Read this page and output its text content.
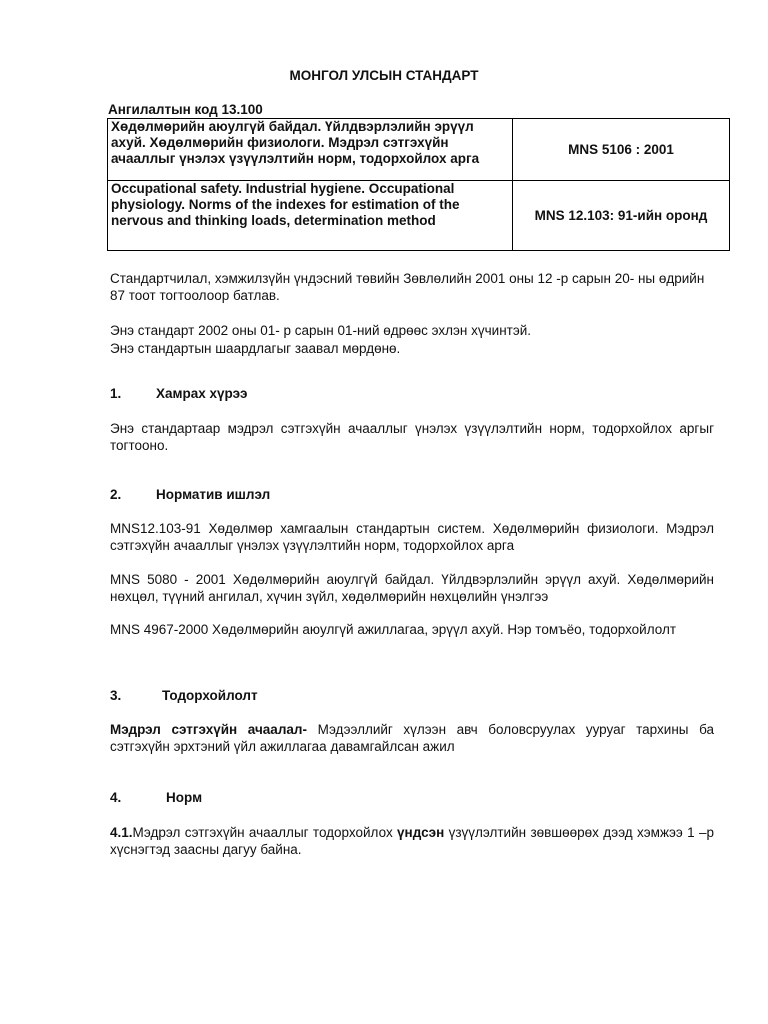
МОНГОЛ УЛСЫН СТАНДАРТ
Ангилалтын код 13.100
Хөдөлмөрийн аюулгүй байдал. Үйлдвэрлэлийн эрүүл ахуй. Хөдөлмөрийн физиологи. Мэдрэл сэтгэхүйн ачааллыг үнэлэх үзүүлэлтийн норм, тодорхойлох арга	MNS 5106 : 2001
Occupational safety. Industrial hygiene. Occupational physiology. Norms of the indexes for estimation of the nervous and thinking loads, determination method	MNS 12.103: 91-ийн оронд
Стандартчилал, хэмжилзүйн үндэсний төвийн Зөвлөлийн 2001 оны 12 -р сарын 20- ны өдрийн 87 тоот тогтоолоор батлав.
Энэ стандарт 2002 оны 01- р сарын 01-ний өдрөөс эхлэн хүчинтэй.
Энэ стандартын шаардлагыг заавал мөрдөнө.
1.	Хамрах хүрээ
Энэ стандартаар мэдрэл сэтгэхүйн ачааллыг үнэлэх үзүүлэлтийн норм, тодорхойлох аргыг тогтооно.
2.	Норматив ишлэл
MNS12.103-91 Хөдөлмөр хамгаалын стандартын систем. Хөдөлмөрийн физиологи. Мэдрэл сэтгэхүйн ачааллыг үнэлэх үзүүлэлтийн норм, тодорхойлох арга
MNS 5080 - 2001 Хөдөлмөрийн аюулгүй байдал. Үйлдвэрлэлийн эрүүл ахуй. Хөдөлмөрийн нөхцөл, түүний ангилал, хүчин зүйл, хөдөлмөрийн нөхцөлийн үнэлгээ
MNS 4967-2000 Хөдөлмөрийн аюулгүй ажиллагаа, эрүүл ахуй. Нэр томъёо, тодорхойлолт
3.	Тодорхойлолт
Мэдрэл сэтгэхүйн ачаалал- Мэдээллийг хүлээн авч боловсруулах ууруаг тархины ба сэтгэхүйн эрхтэний үйл ажиллагаа давамгайлсан ажил
4.	Норм
4.1.Мэдрэл сэтгэхүйн ачааллыг тодорхойлох үндсэн үзүүлэлтийн зөвшөөрөх дээд хэмжээ 1 –р хүснэгтэд заасны дагуу байна.
